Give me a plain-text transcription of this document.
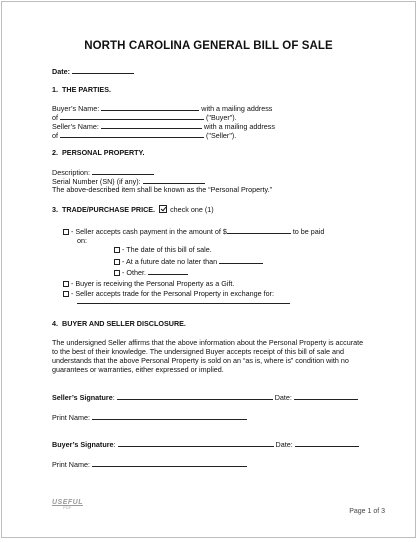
NORTH CAROLINA GENERAL BILL OF SALE
Date:
1. THE PARTIES.
Buyer’s Name:	with a mailing address
of	("Buyer").
Seller’s Name:	with a mailing address
of	("Seller").
2. PERSONAL PROPERTY.
Description:
Serial Number (SN) (if any):
The above-described item shall be known as the “Personal Property.”
3. TRADE/PURCHASE PRICE. check one (1)
- Seller accepts cash payment in the amount of $	to be paid
on:
- The date of this bill of sale.
- At a future date no later than
- Other.
- Buyer is receiving the Personal Property as a Gift.
- Seller accepts trade for the Personal Property in exchange for:
4. BUYER AND SELLER DISCLOSURE.
The undersigned Seller affirms that the above information about the Personal Property is accurate to the best of their knowledge. The undersigned Buyer accepts receipt of this bill of sale and understands that the above Personal Property is sold on an “as is, where is” condition with no guarantees or warranties, either expressed or implied.
Seller’s Signature:	Date:
Print Name:
Buyer’s Signature:	Date:
Print Name:
USEFUL
PDF	Page 1 of 3
